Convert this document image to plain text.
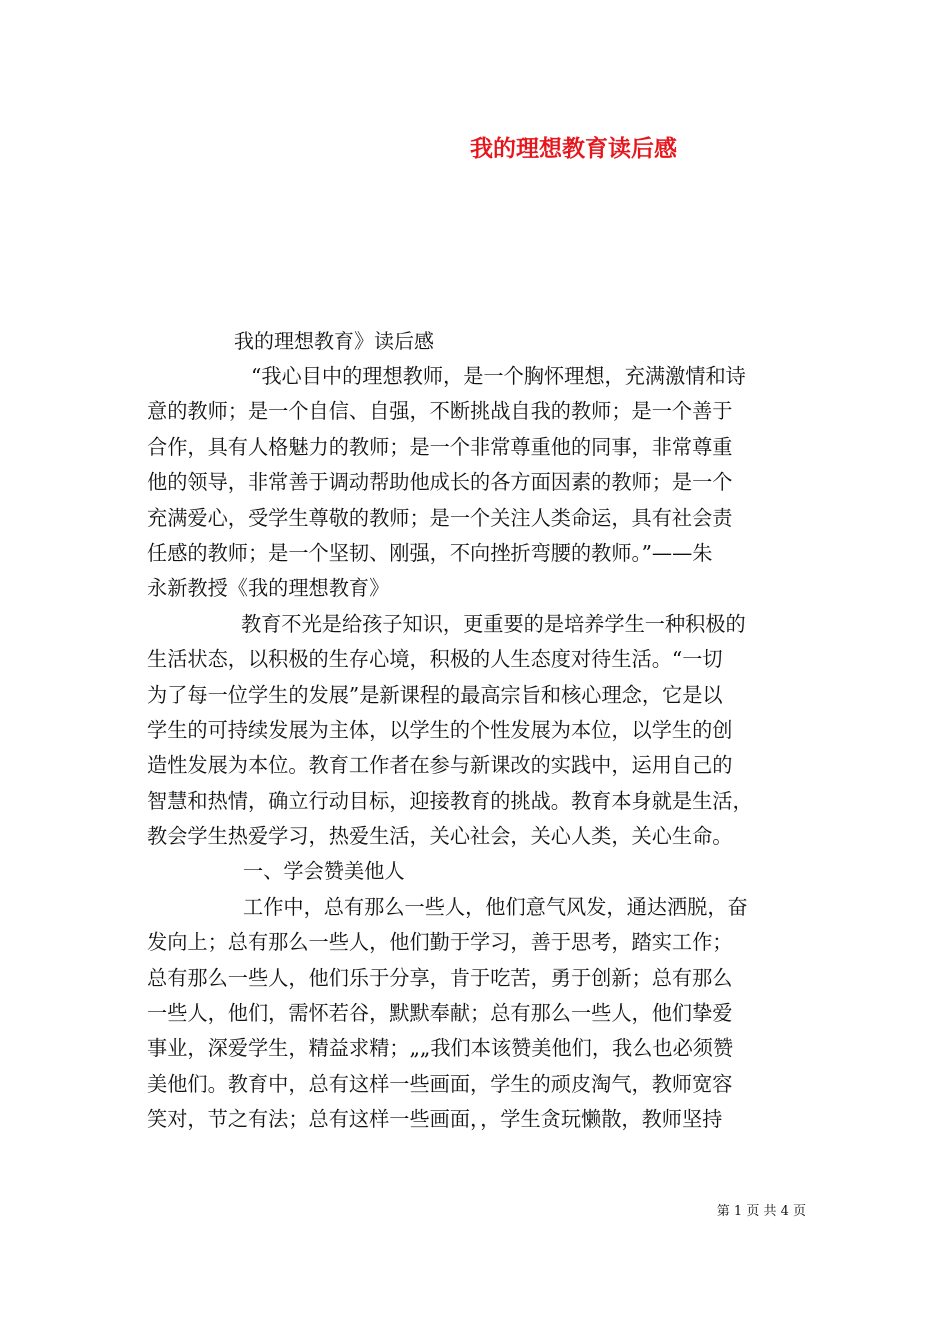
我的理想教育读后感
我的理想教育》读后感
“我心目中的理想教师，是一个胸怀理想，充满激情和诗
意的教师；是一个自信、自强，不断挑战自我的教师；是一个善于
合作，具有人格魅力的教师；是一个非常尊重他的同事，非常尊重
他的领导，非常善于调动帮助他成长的各方面因素的教师；是一个
充满爱心，受学生尊敬的教师；是一个关注人类命运，具有社会责
任感的教师；是一个坚韧、刚强，不向挫折弯腰的教师。”——朱
永新教授《我的理想教育》
教育不光是给孩子知识，更重要的是培养学生一种积极的
生活状态，以积极的生存心境，积极的人生态度对待生活。“一切
为了每一位学生的发展”是新课程的最高宗旨和核心理念，它是以
学生的可持续发展为主体，以学生的个性发展为本位，以学生的创
造性发展为本位。教育工作者在参与新课改的实践中，运用自己的
智慧和热情，确立行动目标，迎接教育的挑战。教育本身就是生活，
教会学生热爱学习，热爱生活，关心社会，关心人类，关心生命。
一、学会赞美他人
工作中，总有那么一些人，他们意气风发，通达洒脱，奋
发向上；总有那么一些人，他们勤于学习，善于思考，踏实工作；
总有那么一些人，他们乐于分享，肯于吃苦，勇于创新；总有那么
一些人，他们，需怀若谷，默默奉献；总有那么一些人，他们挚爱
事业，深爱学生，精益求精；„„我们本该赞美他们，我么也必须赞
美他们。教育中，总有这样一些画面，学生的顽皮淘气，教师宽容
笑对，节之有法；总有这样一些画面，，学生贪玩懒散，教师坚持
第 1 页 共 4 页
